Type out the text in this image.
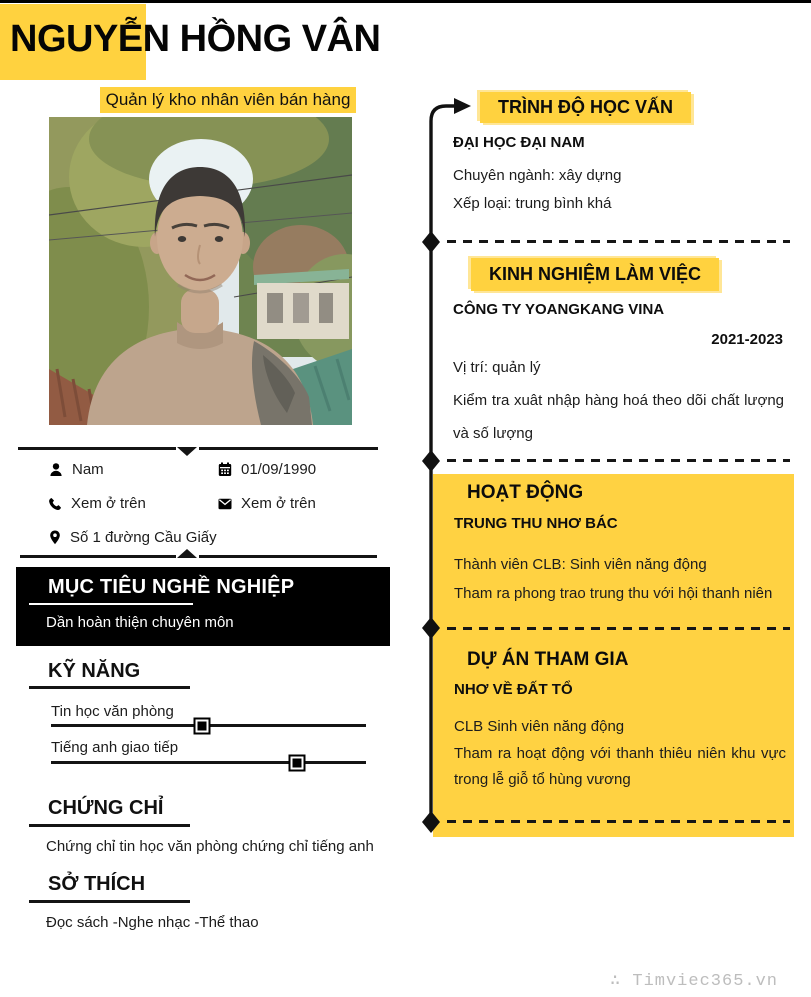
NGUYỄN HỒNG VÂN
Quản lý kho nhân viên bán hàng
Nam	01/09/1990
Xem ở trên	Xem ở trên
Số 1 đường Cầu Giấy
MỤC TIÊU NGHỀ NGHIỆP
Dần hoàn thiện chuyên môn
KỸ NĂNG
Tin học văn phòng
Tiếng anh giao tiếp
CHỨNG CHỈ
Chứng chỉ tin học văn phòng chứng chỉ tiếng anh
SỞ THÍCH
Đọc sách -Nghe nhạc -Thể thao
TRÌNH ĐỘ HỌC VẤN
ĐẠI HỌC ĐẠI NAM
Chuyên ngành: xây dựng
Xếp loại: trung bình khá
KINH NGHIỆM LÀM VIỆC
CÔNG TY YOANGKANG VINA
2021-2023
Vị trí: quản lý
Kiểm tra xuât nhập hàng hoá theo dõi chất lượng và số lượng
HOẠT ĐỘNG
TRUNG THU NHƠ BÁC
Thành viên CLB: Sinh viên năng động
Tham ra phong trao trung thu với hội thanh niên
DỰ ÁN THAM GIA
NHƠ VỀ ĐẤT TỔ
CLB Sinh viên năng động
Tham ra hoạt động với thanh thiêu niên khu vực trong lễ giỗ tổ hùng vương
∴ Timviec365.vn
